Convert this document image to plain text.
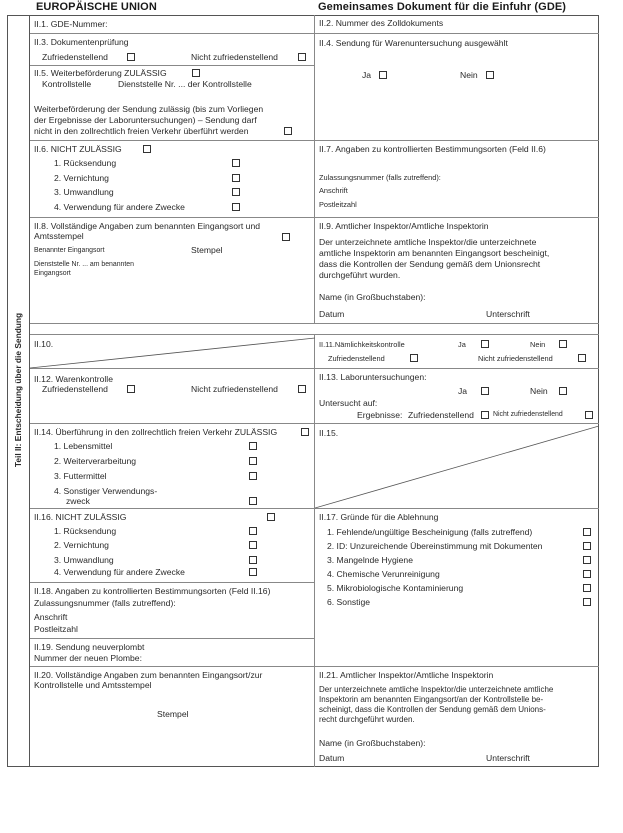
EUROPÄISCHE UNION	Gemeinsames Dokument für die Einfuhr (GDE)
Teil II: Entscheidung über die Sendung
II.1. GDE-Nummer:	II.2. Nummer des Zolldokuments
II.3. Dokumentenprüfung
Zufriedenstellend	Nicht zufriedenstellend
II.4. Sendung für Warenuntersuchung ausgewählt
Ja	Nein
II.5. Weiterbeförderung ZULÄSSIG
Kontrollstelle	Dienststelle Nr. ... der Kontrollstelle
Weiterbeförderung der Sendung zulässig (bis zum Vorliegen
der Ergebnisse der Laboruntersuchungen) – Sendung darf
nicht in den zollrechtlich freien Verkehr überführt werden
II.6. NICHT ZULÄSSIG
1. Rücksendung
2. Vernichtung
3. Umwandlung
4. Verwendung für andere Zwecke
II.7. Angaben zu kontrollierten Bestimmungsorten (Feld II.6)
Zulassungsnummer (falls zutreffend):
Anschrift
Postleitzahl
II.8. Vollständige Angaben zum benannten Eingangsort und
Amtsstempel
Benannter Eingangsort	Stempel
Dienststelle Nr. ... am benannten
Eingangsort
II.9. Amtlicher Inspektor/Amtliche Inspektorin
Der unterzeichnete amtliche Inspektor/die unterzeichnete
amtliche Inspektorin am benannten Eingangsort bescheinigt,
dass die Kontrollen der Sendung gemäß dem Unionsrecht
durchgeführt wurden.
Name (in Großbuchstaben):
Datum	Unterschrift
II.10.	II.11.Nämlichkeitskontrolle	Ja	Nein
Zufriedenstellend	Nicht zufriedenstellend
II.12. Warenkontrolle
Zufriedenstellend	Nicht zufriedenstellend
II.13. Laboruntersuchungen:
Ja	Nein
Untersucht auf:
Ergebnisse: Zufriedenstellend	Nicht zufriedenstellend
II.14. Überführung in den zollrechtlich freien Verkehr ZULÄSSIG
1. Lebensmittel
2. Weiterverarbeitung
3. Futtermittel
4. Sonstiger Verwendungs-
zweck
II.15.
II.16. NICHT ZULÄSSIG
1. Rücksendung
2. Vernichtung
3. Umwandlung
4. Verwendung für andere Zwecke
II.17. Gründe für die Ablehnung
1. Fehlende/ungültige Bescheinigung (falls zutreffend)
2. ID: Unzureichende Übereinstimmung mit Dokumenten
3. Mangelnde Hygiene
4. Chemische Verunreinigung
5. Mikrobiologische Kontaminierung
6. Sonstige
II.18. Angaben zu kontrollierten Bestimmungsorten (Feld II.16)
Zulassungsnummer (falls zutreffend):
Anschrift
Postleitzahl
II.19. Sendung neuverplombt
Nummer der neuen Plombe:
II.20. Vollständige Angaben zum benannten Eingangsort/zur
Kontrollstelle und Amtsstempel
Stempel
II.21. Amtlicher Inspektor/Amtliche Inspektorin
Der unterzeichnete amtliche Inspektor/die unterzeichnete amtliche
Inspektorin am benannten Eingangsort/an der Kontrollstelle be-
scheinigt, dass die Kontrollen der Sendung gemäß dem Unions-
recht durchgeführt wurden.
Name (in Großbuchstaben):
Datum	Unterschrift
